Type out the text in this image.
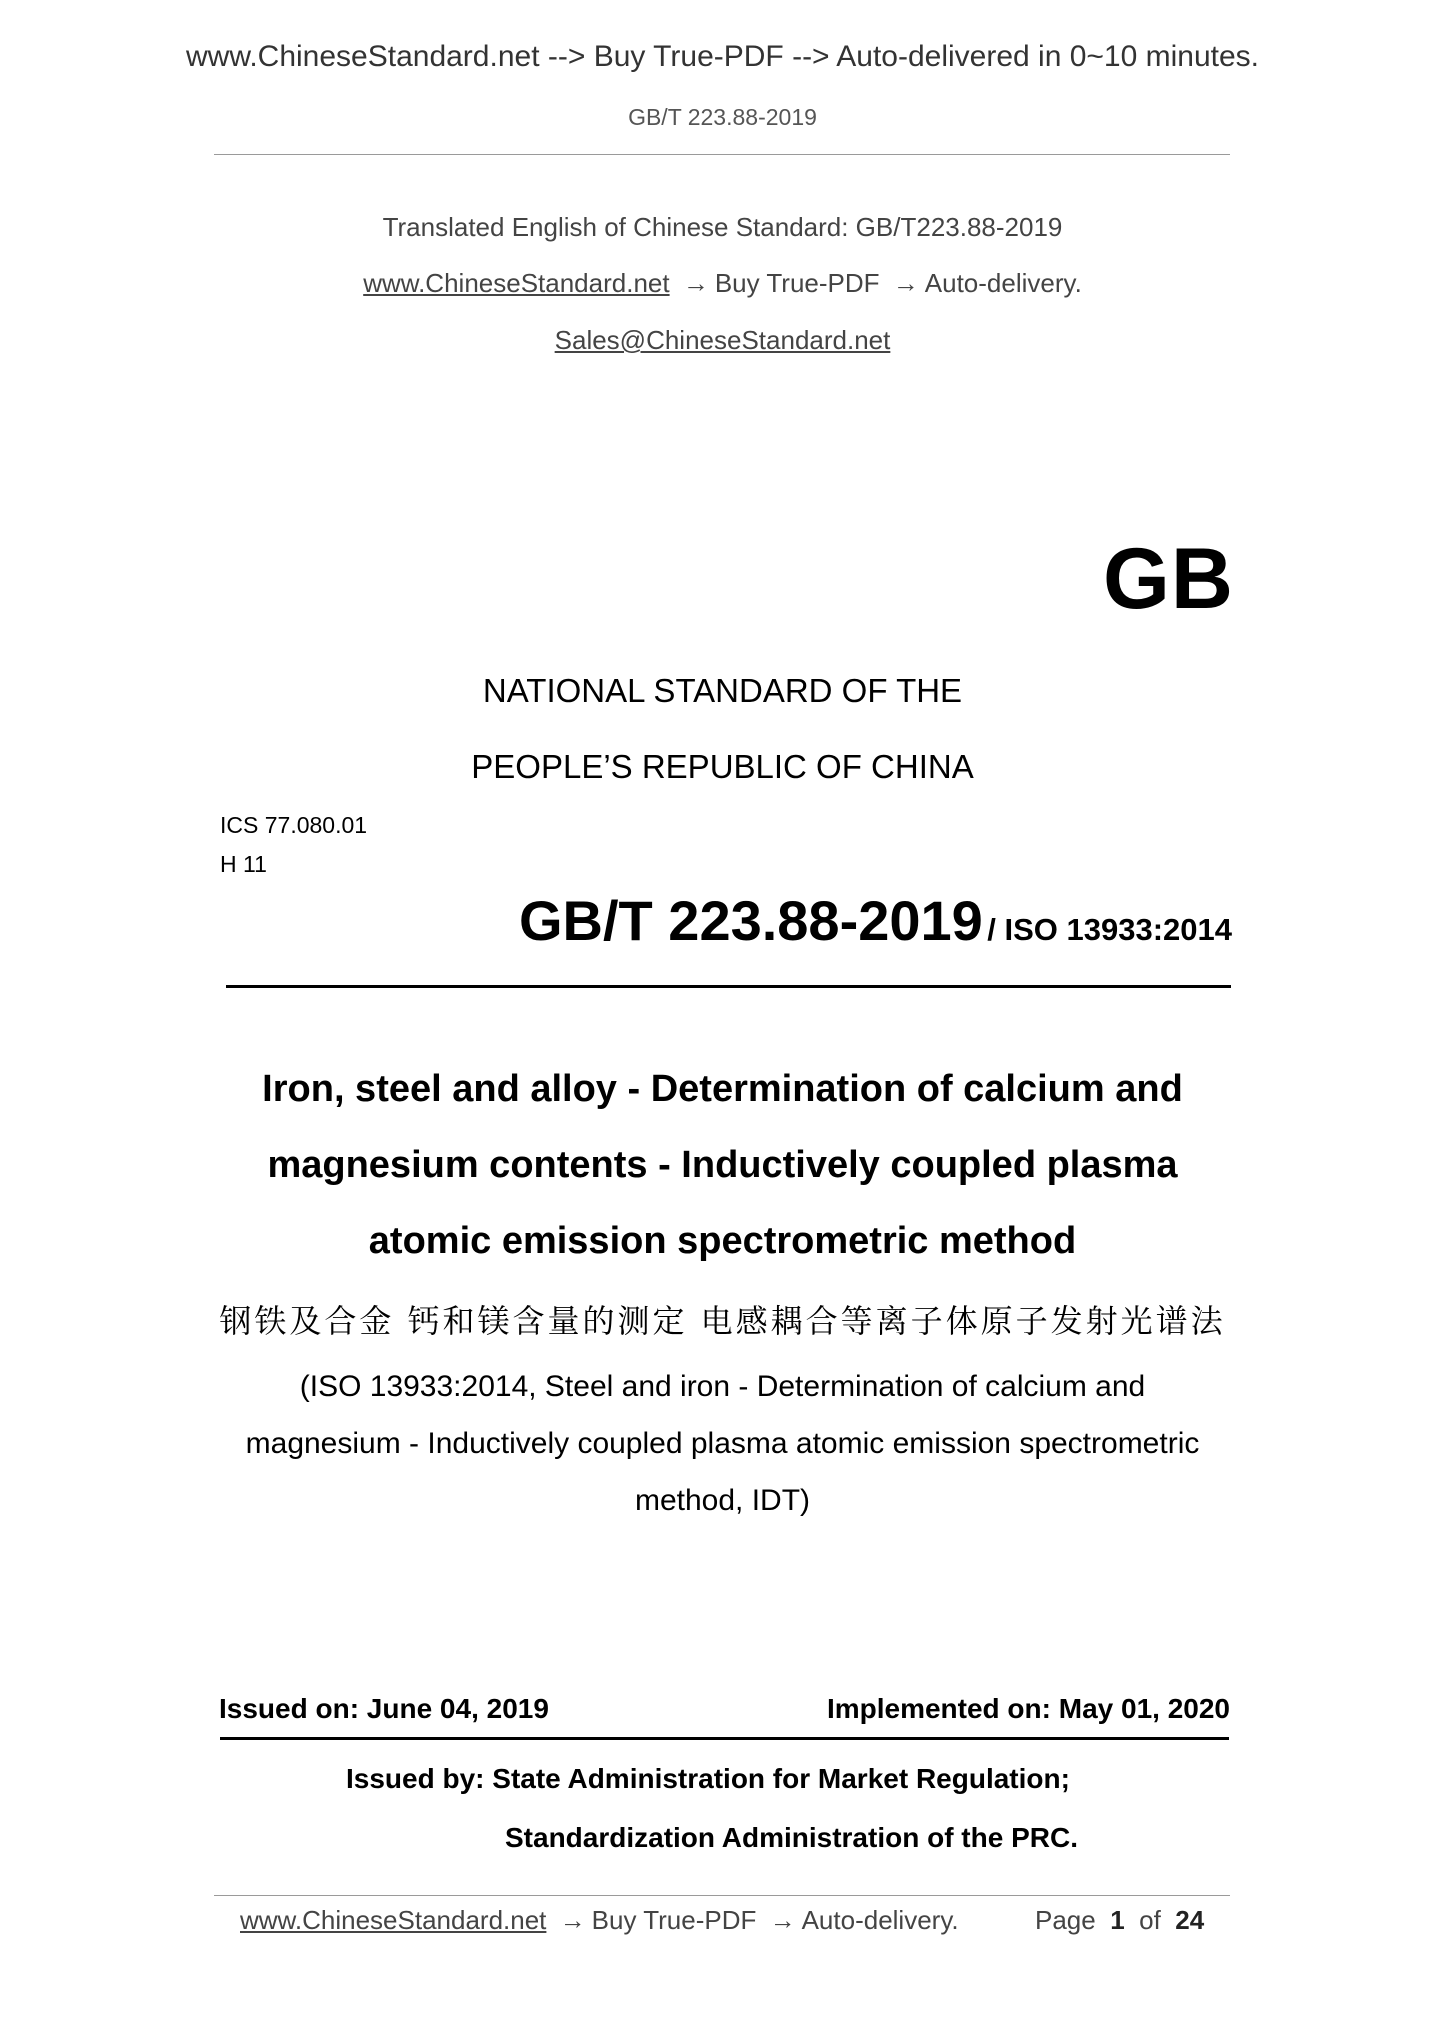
www.ChineseStandard.net --> Buy True-PDF --> Auto-delivered in 0~10 minutes.
GB/T 223.88-2019
Translated English of Chinese Standard: GB/T223.88-2019
www.ChineseStandard.net → Buy True-PDF → Auto-delivery.
Sales@ChineseStandard.net
GB
NATIONAL STANDARD OF THE
PEOPLE’S REPUBLIC OF CHINA
ICS 77.080.01
H 11
GB/T 223.88-2019 / ISO 13933:2014
Iron, steel and alloy - Determination of calcium and
magnesium contents - Inductively coupled plasma
atomic emission spectrometric method
钢铁及合金 钙和镁含量的测定 电感耦合等离子体原子发射光谱法
(ISO 13933:2014, Steel and iron - Determination of calcium and
magnesium - Inductively coupled plasma atomic emission spectrometric
method, IDT)
Issued on: June 04, 2019	Implemented on: May 01, 2020
Issued by: State Administration for Market Regulation;
Standardization Administration of the PRC.
www.ChineseStandard.net → Buy True-PDF → Auto-delivery.	Page 1 of 24
